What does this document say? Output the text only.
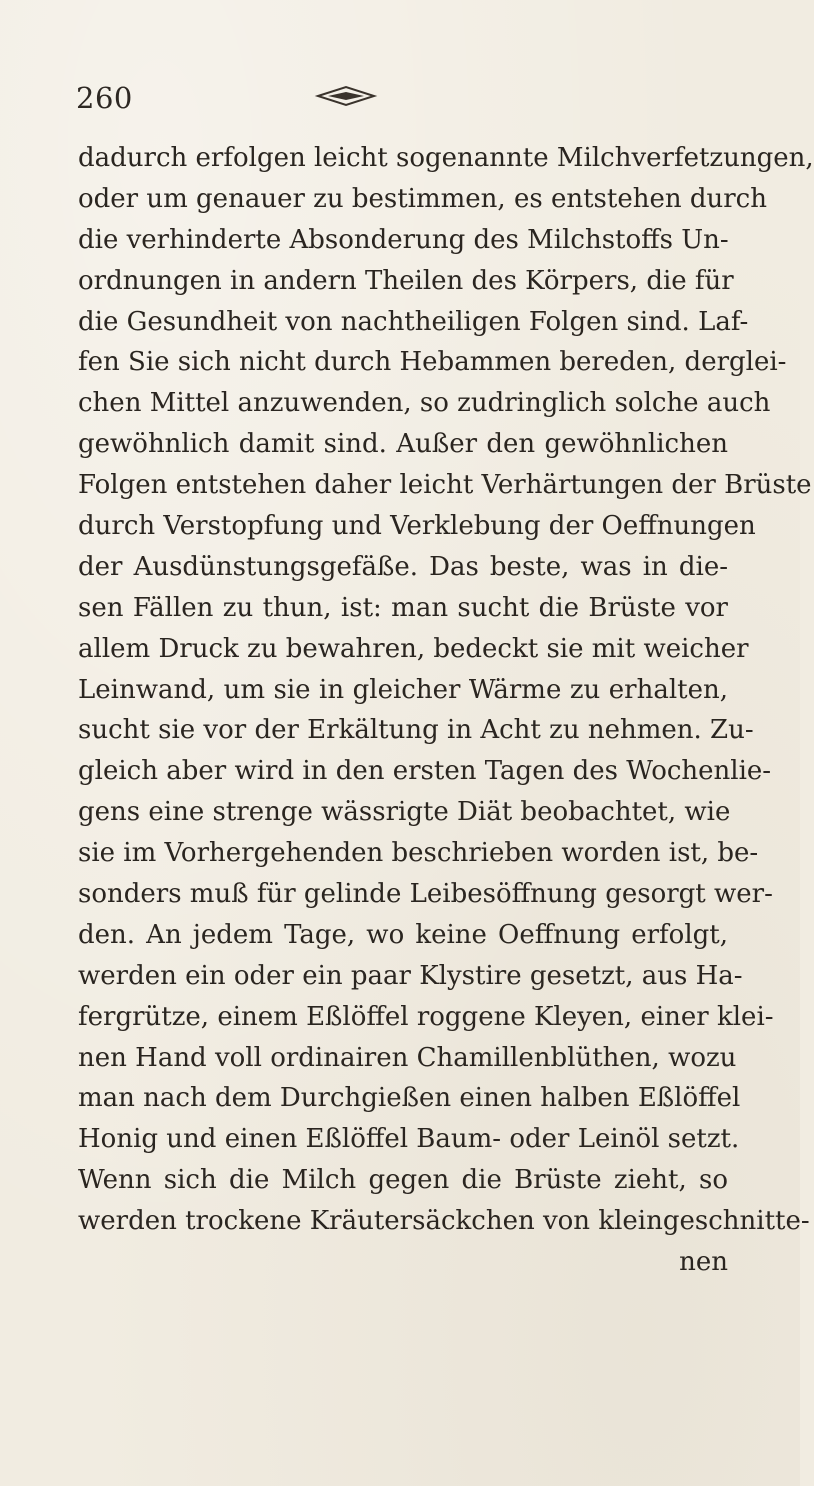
260
dadurch erfolgen leicht sogenannte Milchverfetzungen,
oder um genauer zu bestimmen, es entstehen durch
die verhinderte Absonderung des Milchstoffs Un-
ordnungen in andern Theilen des Körpers, die für
die Gesundheit von nachtheiligen Folgen sind. Laf-
fen Sie sich nicht durch Hebammen bereden, derglei-
chen Mittel anzuwenden, so zudringlich solche auch
gewöhnlich damit sind. Außer den gewöhnlichen
Folgen entstehen daher leicht Verhärtungen der Brüste
durch Verstopfung und Verklebung der Oeffnungen
der Ausdünstungsgefäße. Das beste, was in die-
sen Fällen zu thun, ist: man sucht die Brüste vor
allem Druck zu bewahren, bedeckt sie mit weicher
Leinwand, um sie in gleicher Wärme zu erhalten,
sucht sie vor der Erkältung in Acht zu nehmen. Zu-
gleich aber wird in den ersten Tagen des Wochenlie-
gens eine strenge wässrigte Diät beobachtet, wie
sie im Vorhergehenden beschrieben worden ist, be-
sonders muß für gelinde Leibesöffnung gesorgt wer-
den. An jedem Tage, wo keine Oeffnung erfolgt,
werden ein oder ein paar Klystire gesetzt, aus Ha-
fergrütze, einem Eßlöffel roggene Kleyen, einer klei-
nen Hand voll ordinairen Chamillenblüthen, wozu
man nach dem Durchgießen einen halben Eßlöffel
Honig und einen Eßlöffel Baum- oder Leinöl setzt.
Wenn sich die Milch gegen die Brüste zieht, so
werden trockene Kräutersäckchen von kleingeschnitte-
nen
